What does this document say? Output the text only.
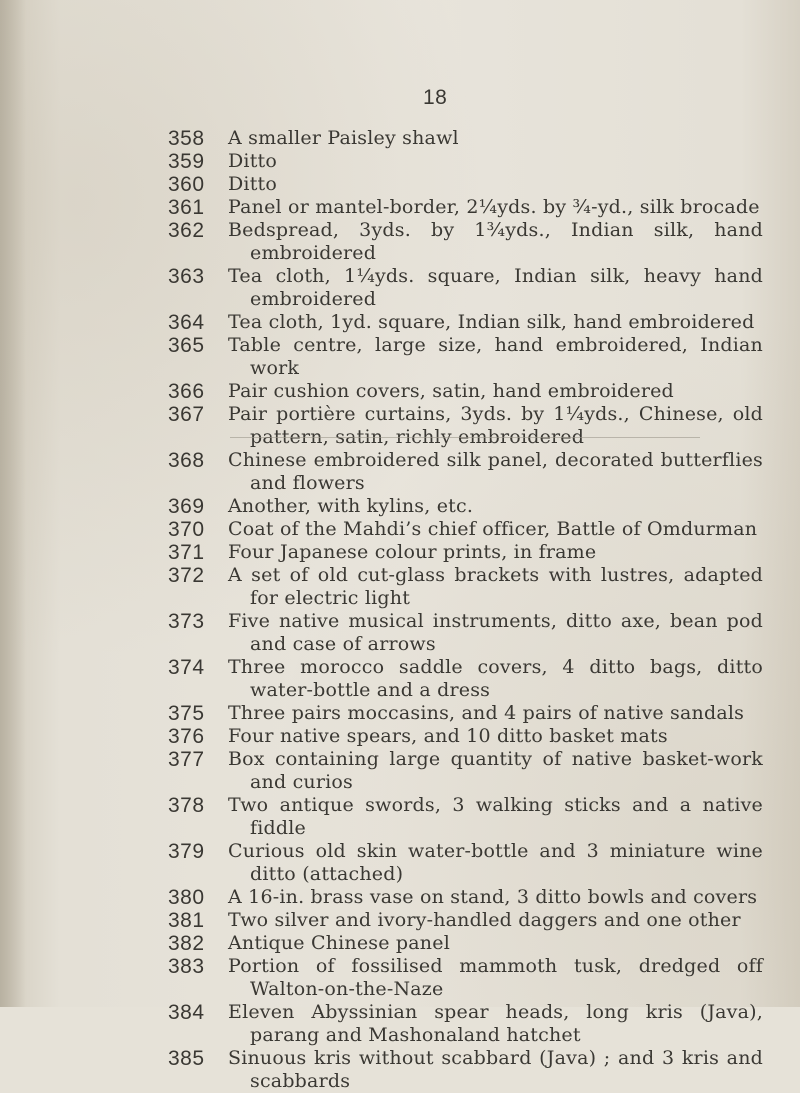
18
358 A smaller Paisley shawl
359 Ditto
360 Ditto
361 Panel or mantel-border, 2¼yds. by ¾-yd., silk brocade
362 Bedspread, 3yds. by 1¾yds., Indian silk, hand embroidered
363 Tea cloth, 1¼yds. square, Indian silk, heavy hand embroidered
364 Tea cloth, 1yd. square, Indian silk, hand embroidered
365 Table centre, large size, hand embroidered, Indian work
366 Pair cushion covers, satin, hand embroidered
367 Pair portière curtains, 3yds. by 1¼yds., Chinese, old pattern, satin, richly embroidered
368 Chinese embroidered silk panel, decorated butterflies and flowers
369 Another, with kylins, etc.
370 Coat of the Mahdi’s chief officer, Battle of Omdurman
371 Four Japanese colour prints, in frame
372 A set of old cut-glass brackets with lustres, adapted for electric light
373 Five native musical instruments, ditto axe, bean pod and case of arrows
374 Three morocco saddle covers, 4 ditto bags, ditto water-bottle and a dress
375 Three pairs moccasins, and 4 pairs of native sandals
376 Four native spears, and 10 ditto basket mats
377 Box containing large quantity of native basket-work and curios
378 Two antique swords, 3 walking sticks and a native fiddle
379 Curious old skin water-bottle and 3 miniature wine ditto (attached)
380 A 16-in. brass vase on stand, 3 ditto bowls and covers
381 Two silver and ivory-handled daggers and one other
382 Antique Chinese panel
383 Portion of fossilised mammoth tusk, dredged off Walton-on-the-Naze
384 Eleven Abyssinian spear heads, long kris (Java), parang and Mashonaland hatchet
385 Sinuous kris without scabbard (Java) ; and 3 kris and scabbards
